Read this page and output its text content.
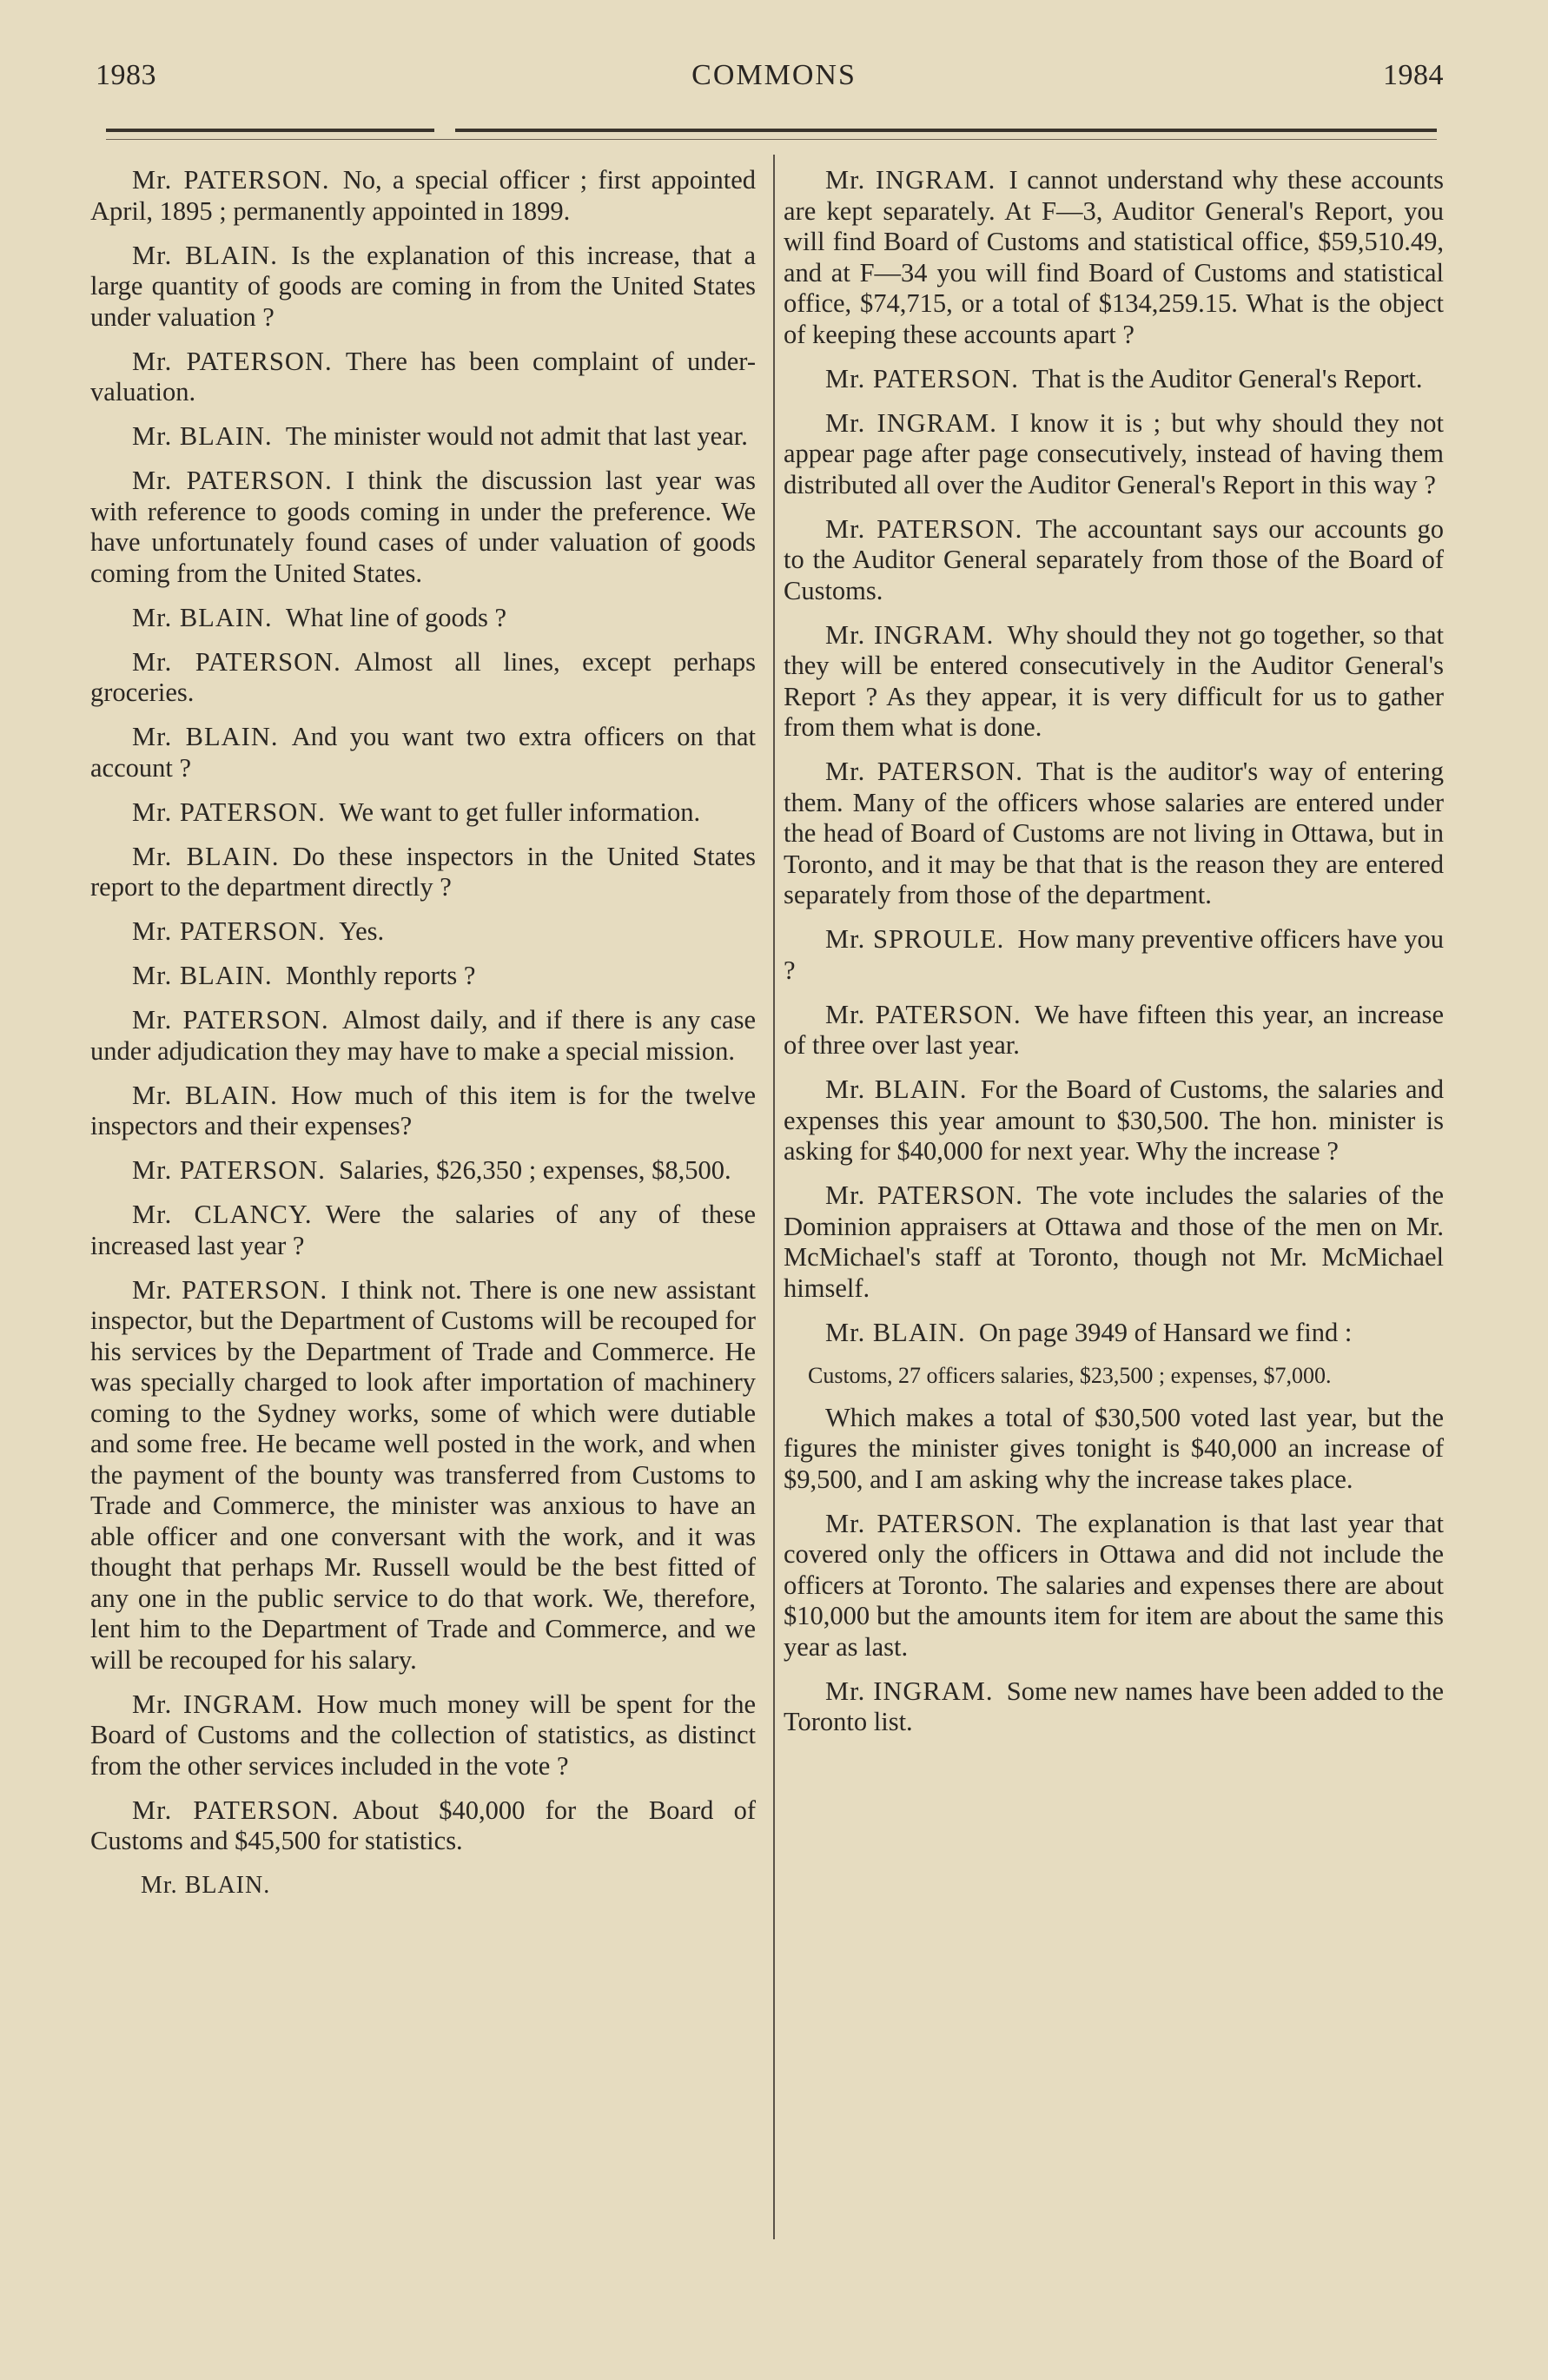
1983	COMMONS	1984

Mr. PATERSON.  No, a special officer ; first appointed April, 1895 ; permanently appointed in 1899.

Mr. BLAIN.  Is the explanation of this increase, that a large quantity of goods are coming in from the United States under valuation ?

Mr. PATERSON.  There has been complaint of under-valuation.

Mr. BLAIN.  The minister would not admit that last year.

Mr. PATERSON.  I think the discussion last year was with reference to goods coming in under the preference. We have unfortunately found cases of under valuation of goods coming from the United States.

Mr. BLAIN.  What line of goods ?

Mr. PATERSON.  Almost all lines, except perhaps groceries.

Mr. BLAIN.  And you want two extra officers on that account ?

Mr. PATERSON.  We want to get fuller information.

Mr. BLAIN.  Do these inspectors in the United States report to the department directly ?

Mr. PATERSON.  Yes.

Mr. BLAIN.  Monthly reports ?

Mr. PATERSON.  Almost daily, and if there is any case under adjudication they may have to make a special mission.

Mr. BLAIN.  How much of this item is for the twelve inspectors and their expenses?

Mr. PATERSON.  Salaries, $26,350 ; expenses, $8,500.

Mr. CLANCY.  Were the salaries of any of these increased last year ?

Mr. PATERSON.  I think not. There is one new assistant inspector, but the Department of Customs will be recouped for his services by the Department of Trade and Commerce. He was specially charged to look after importation of machinery coming to the Sydney works, some of which were dutiable and some free. He became well posted in the work, and when the payment of the bounty was transferred from Customs to Trade and Commerce, the minister was anxious to have an able officer and one conversant with the work, and it was thought that perhaps Mr. Russell would be the best fitted of any one in the public service to do that work. We, therefore, lent him to the Department of Trade and Commerce, and we will be recouped for his salary.

Mr. INGRAM.  How much money will be spent for the Board of Customs and the collection of statistics, as distinct from the other services included in the vote ?

Mr. PATERSON.  About $40,000 for the Board of Customs and $45,500 for statistics.

Mr. BLAIN.

Mr. INGRAM.  I cannot understand why these accounts are kept separately. At F—3, Auditor General's Report, you will find Board of Customs and statistical office, $59,510.49, and at F—34 you will find Board of Customs and statistical office, $74,715, or a total of $134,259.15. What is the object of keeping these accounts apart ?

Mr. PATERSON.  That is the Auditor General's Report.

Mr. INGRAM.  I know it is ; but why should they not appear page after page consecutively, instead of having them distributed all over the Auditor General's Report in this way ?

Mr. PATERSON.  The accountant says our accounts go to the Auditor General separately from those of the Board of Customs.

Mr. INGRAM.  Why should they not go together, so that they will be entered consecutively in the Auditor General's Report ? As they appear, it is very difficult for us to gather from them what is done.

Mr. PATERSON.  That is the auditor's way of entering them. Many of the officers whose salaries are entered under the head of Board of Customs are not living in Ottawa, but in Toronto, and it may be that that is the reason they are entered separately from those of the department.

Mr. SPROULE.  How many preventive officers have you ?

Mr. PATERSON.  We have fifteen this year, an increase of three over last year.

Mr. BLAIN.  For the Board of Customs, the salaries and expenses this year amount to $30,500. The hon. minister is asking for $40,000 for next year. Why the increase ?

Mr. PATERSON.  The vote includes the salaries of the Dominion appraisers at Ottawa and those of the men on Mr. McMichael's staff at Toronto, though not Mr. McMichael himself.

Mr. BLAIN.  On page 3949 of Hansard we find :

Customs, 27 officers salaries, $23,500 ; expenses, $7,000.

Which makes a total of $30,500 voted last year, but the figures the minister gives tonight is $40,000 an increase of $9,500, and I am asking why the increase takes place.

Mr. PATERSON.  The explanation is that last year that covered only the officers in Ottawa and did not include the officers at Toronto. The salaries and expenses there are about $10,000 but the amounts item for item are about the same this year as last.

Mr. INGRAM.  Some new names have been added to the Toronto list.
